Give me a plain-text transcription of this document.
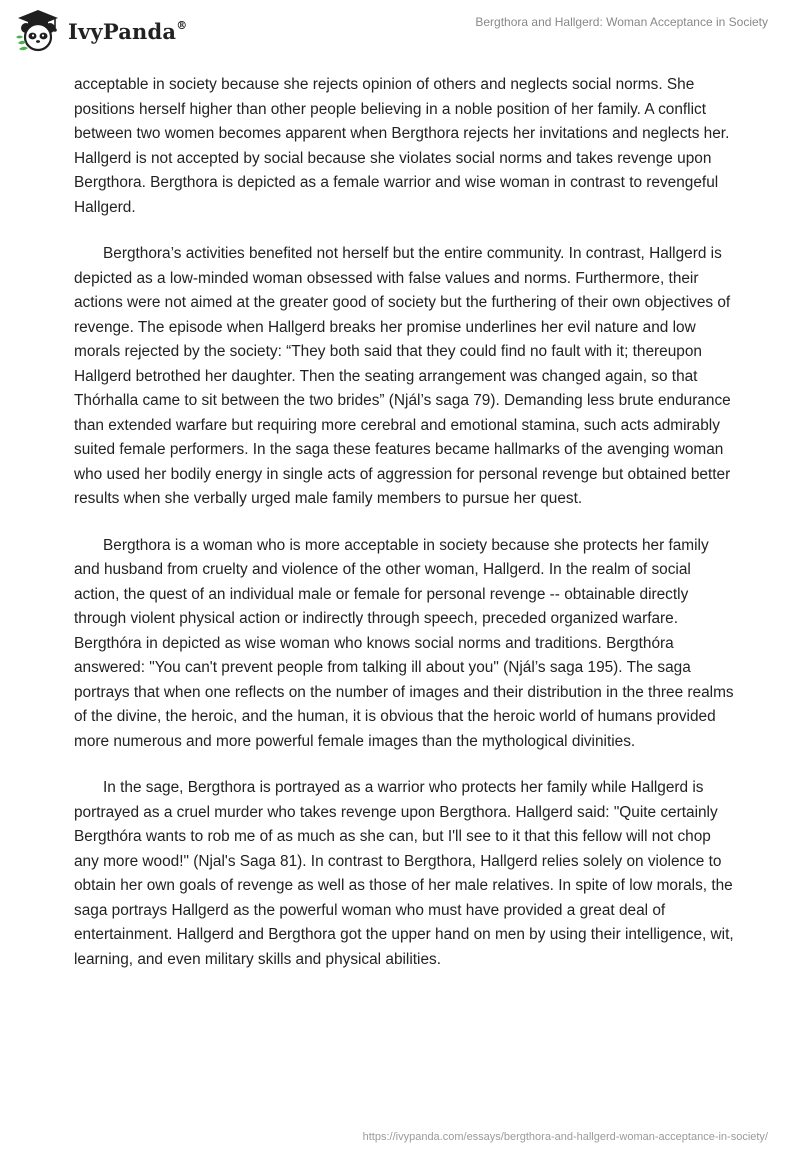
IvyPanda®	Bergthora and Hallgerd: Woman Acceptance in Society

acceptable in society because she rejects opinion of others and neglects social norms. She positions herself higher than other people believing in a noble position of her family. A conflict between two women becomes apparent when Bergthora rejects her invitations and neglects her. Hallgerd is not accepted by social because she violates social norms and takes revenge upon Bergthora. Bergthora is depicted as a female warrior and wise woman in contrast to revengeful Hallgerd.

Bergthora’s activities benefited not herself but the entire community. In contrast, Hallgerd is depicted as a low-minded woman obsessed with false values and norms. Furthermore, their actions were not aimed at the greater good of society but the furthering of their own objectives of revenge. The episode when Hallgerd breaks her promise underlines her evil nature and low morals rejected by the society: “They both said that they could find no fault with it; thereupon Hallgerd betrothed her daughter. Then the seating arrangement was changed again, so that Thórhalla came to sit between the two brides” (Njál’s saga 79). Demanding less brute endurance than extended warfare but requiring more cerebral and emotional stamina, such acts admirably suited female performers. In the saga these features became hallmarks of the avenging woman who used her bodily energy in single acts of aggression for personal revenge but obtained better results when she verbally urged male family members to pursue her quest.

Bergthora is a woman who is more acceptable in society because she protects her family and husband from cruelty and violence of the other woman, Hallgerd. In the realm of social action, the quest of an individual male or female for personal revenge -- obtainable directly through violent physical action or indirectly through speech, preceded organized warfare. Bergthóra in depicted as wise woman who knows social norms and traditions. Bergthóra answered: "You can't prevent people from talking ill about you" (Njál’s saga 195). The saga portrays that when one reflects on the number of images and their distribution in the three realms of the divine, the heroic, and the human, it is obvious that the heroic world of humans provided more numerous and more powerful female images than the mythological divinities.

In the sage, Bergthora is portrayed as a warrior who protects her family while Hallgerd is portrayed as a cruel murder who takes revenge upon Bergthora. Hallgerd said: "Quite certainly Bergthóra wants to rob me of as much as she can, but I'll see to it that this fellow will not chop any more wood!" (Njal's Saga 81). In contrast to Bergthora, Hallgerd relies solely on violence to obtain her own goals of revenge as well as those of her male relatives. In spite of low morals, the saga portrays Hallgerd as the powerful woman who must have provided a great deal of entertainment. Hallgerd and Bergthora got the upper hand on men by using their intelligence, wit, learning, and even military skills and physical abilities.

https://ivypanda.com/essays/bergthora-and-hallgerd-woman-acceptance-in-society/
